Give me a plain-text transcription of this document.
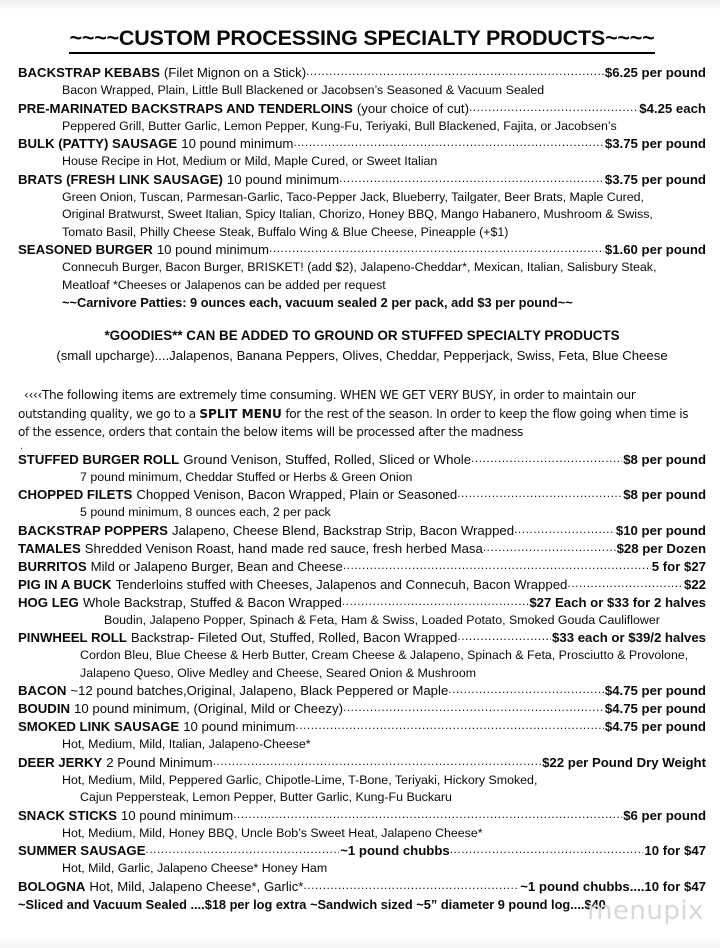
~~~~CUSTOM PROCESSING SPECIALTY PRODUCTS~~~~
BACKSTRAP KEBABS (Filet Mignon on a Stick) .....	$6.25 per pound
Bacon Wrapped, Plain, Little Bull Blackened or Jacobsen’s Seasoned & Vacuum Sealed
PRE-MARINATED BACKSTRAPS AND TENDERLOINS (your choice of cut) .....	$4.25 each
Peppered Grill, Butter Garlic, Lemon Pepper, Kung-Fu, Teriyaki, Bull Blackened, Fajita, or Jacobsen’s
BULK (PATTY) SAUSAGE 10 pound minimum .....	$3.75 per pound
House Recipe in Hot, Medium or Mild, Maple Cured, or Sweet Italian
BRATS (FRESH LINK SAUSAGE) 10 pound minimum .....	$3.75 per pound
Green Onion, Tuscan, Parmesan-Garlic, Taco-Pepper Jack, Blueberry, Tailgater, Beer Brats, Maple Cured,
Original Bratwurst, Sweet Italian, Spicy Italian, Chorizo, Honey BBQ, Mango Habanero, Mushroom & Swiss,
Tomato Basil, Philly Cheese Steak, Buffalo Wing & Blue Cheese, Pineapple (+$1)
SEASONED BURGER 10 pound minimum .....	$1.60 per pound
Connecuh Burger, Bacon Burger, BRISKET! (add $2), Jalapeno-Cheddar*, Mexican, Italian, Salisbury Steak,
Meatloaf *Cheeses or Jalapenos can be added per request
~~Carnivore Patties: 9 ounces each, vacuum sealed 2 per pack, add $3 per pound~~
*GOODIES** CAN BE ADDED TO GROUND OR STUFFED SPECIALTY PRODUCTS
(small upcharge)....Jalapenos, Banana Peppers, Olives, Cheddar, Pepperjack, Swiss, Feta, Blue Cheese
‹‹‹‹The following items are extremely time consuming. WHEN WE GET VERY BUSY, in order to maintain our outstanding quality, we go to a SPLIT MENU for the rest of the season. In order to keep the flow going when time is of the essence, orders that contain the below items will be processed after the madness
.
STUFFED BURGER ROLL Ground Venison, Stuffed, Rolled, Sliced or Whole .....	$8 per pound
7 pound minimum, Cheddar Stuffed or Herbs & Green Onion
CHOPPED FILETS Chopped Venison, Bacon Wrapped, Plain or Seasoned .....	$8 per pound
5 pound minimum, 8 ounces each, 2 per pack
BACKSTRAP POPPERS Jalapeno, Cheese Blend, Backstrap Strip, Bacon Wrapped .....	$10 per pound
TAMALES Shredded Venison Roast, hand made red sauce, fresh herbed Masa .....	$28 per Dozen
BURRITOS Mild or Jalapeno Burger, Bean and Cheese .....	5 for $27
PIG IN A BUCK Tenderloins stuffed with Cheeses, Jalapenos and Connecuh, Bacon Wrapped .....	$22
HOG LEG Whole Backstrap, Stuffed & Bacon Wrapped .....	$27 Each or $33 for 2 halves
Boudin, Jalapeno Popper, Spinach & Feta, Ham & Swiss, Loaded Potato, Smoked Gouda Cauliflower
PINWHEEL ROLL Backstrap- Fileted Out, Stuffed, Rolled, Bacon Wrapped .....	$33 each or $39/2 halves
Cordon Bleu, Blue Cheese & Herb Butter, Cream Cheese & Jalapeno, Spinach & Feta, Prosciutto & Provolone,
Jalapeno Queso, Olive Medley and Cheese, Seared Onion & Mushroom
BACON ~12 pound batches,Original, Jalapeno, Black Peppered or Maple .....	$4.75 per pound
BOUDIN 10 pound minimum, (Original, Mild or Cheezy) .....	$4.75 per pound
SMOKED LINK SAUSAGE 10 pound minimum .....	$4.75 per pound
Hot, Medium, Mild, Italian, Jalapeno-Cheese*
DEER JERKY 2 Pound Minimum .....	$22 per Pound Dry Weight
Hot, Medium, Mild, Peppered Garlic, Chipotle-Lime, T-Bone, Teriyaki, Hickory Smoked,
Cajun Peppersteak, Lemon Pepper, Butter Garlic, Kung-Fu Buckaru
SNACK STICKS 10 pound minimum .....	$6 per pound
Hot, Medium, Mild, Honey BBQ, Uncle Bob’s Sweet Heat, Jalapeno Cheese*
SUMMER SAUSAGE .....	~1 pound chubbs .....	10 for $47
Hot, Mild, Garlic, Jalapeno Cheese* Honey Ham
BOLOGNA Hot, Mild, Jalapeno Cheese*, Garlic* .....	~1 pound chubbs....10 for $47
~Sliced and Vacuum Sealed ....$18 per log extra ~Sandwich sized ~5” diameter 9 pound log....$40
menupix
